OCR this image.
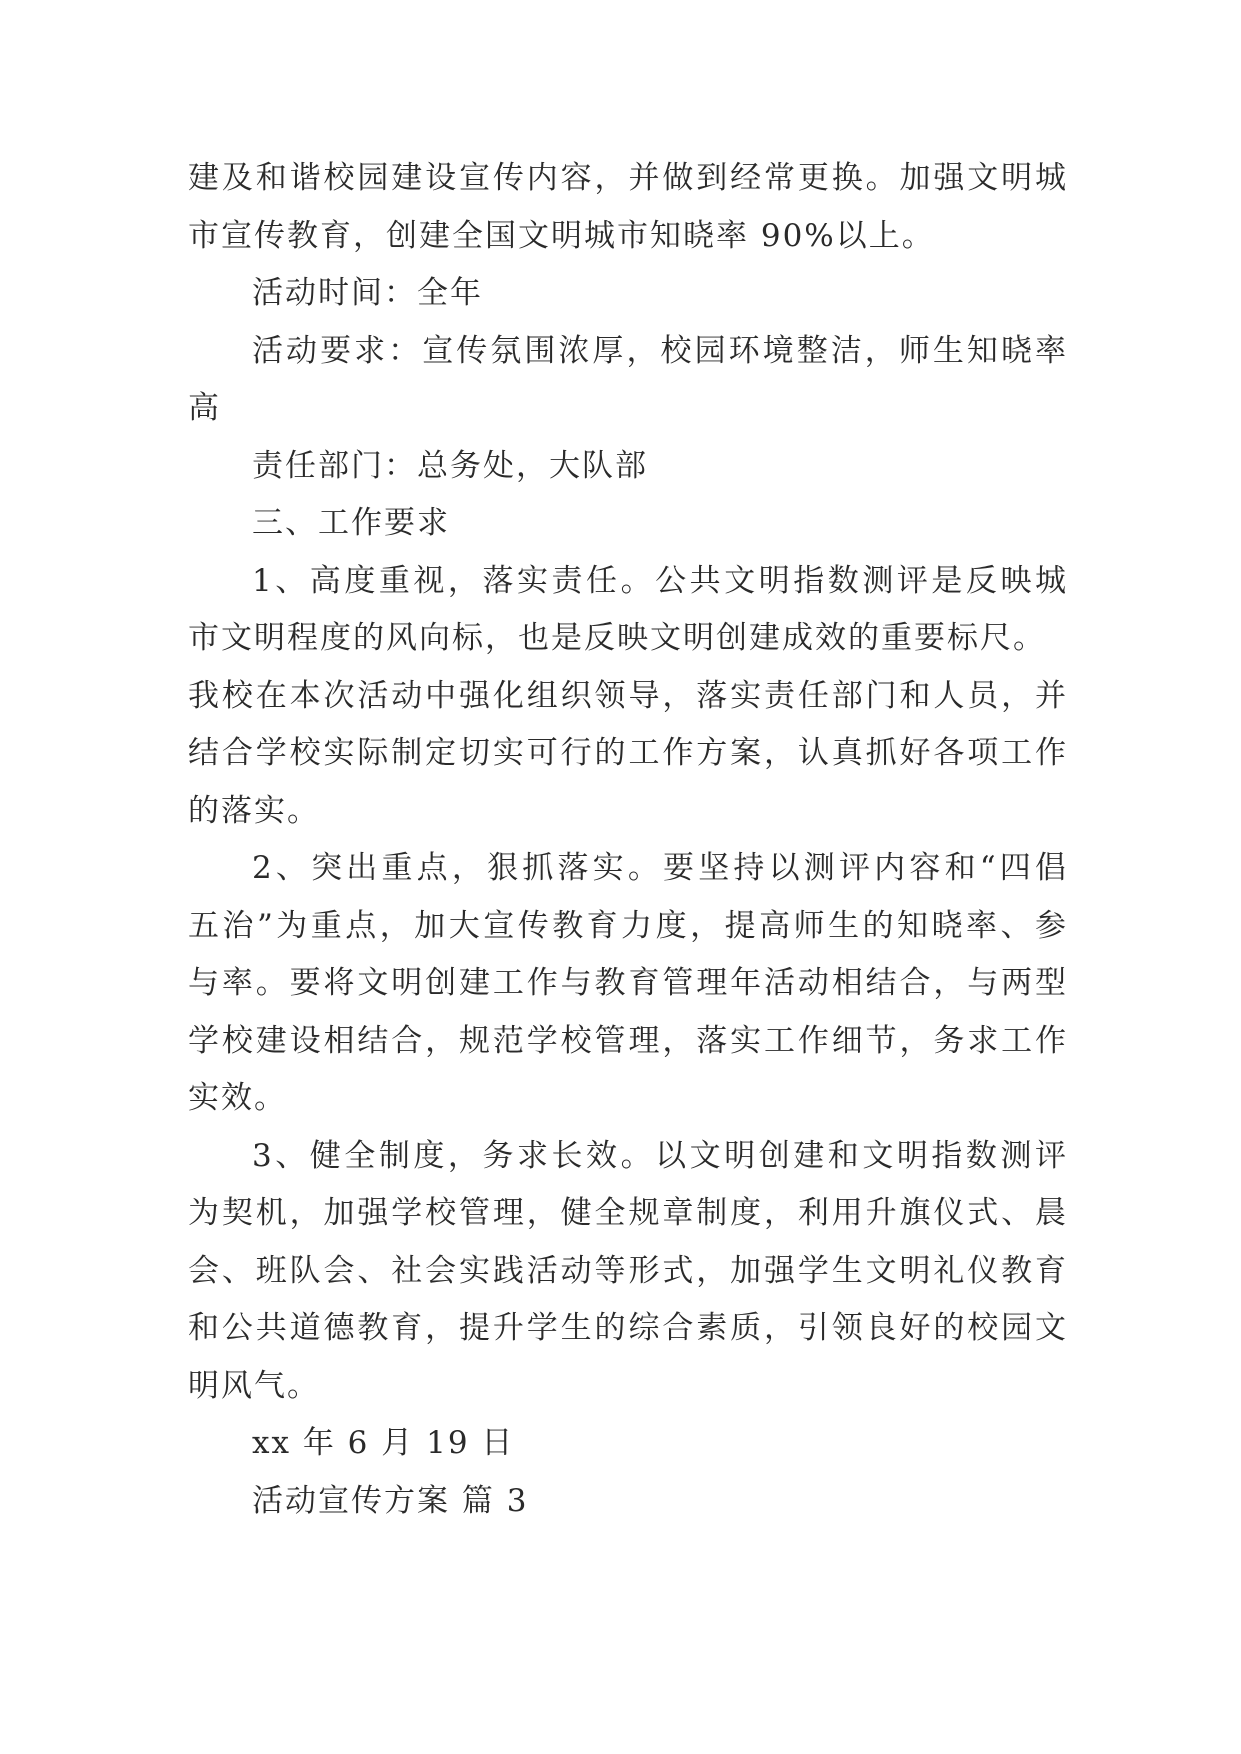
建及和谐校园建设宣传内容，并做到经常更换。加强文明城
市宣传教育，创建全国文明城市知晓率 90%以上。

活动时间：全年

活动要求：宣传氛围浓厚，校园环境整洁，师生知晓率
高

责任部门：总务处，大队部

三、工作要求

1、高度重视，落实责任。公共文明指数测评是反映城
市文明程度的风向标，也是反映文明创建成效的重要标尺。
我校在本次活动中强化组织领导，落实责任部门和人员，并
结合学校实际制定切实可行的工作方案，认真抓好各项工作
的落实。

2、突出重点，狠抓落实。要坚持以测评内容和“四倡
五治”为重点，加大宣传教育力度，提高师生的知晓率、参
与率。要将文明创建工作与教育管理年活动相结合，与两型
学校建设相结合，规范学校管理，落实工作细节，务求工作
实效。

3、健全制度，务求长效。以文明创建和文明指数测评
为契机，加强学校管理，健全规章制度，利用升旗仪式、晨
会、班队会、社会实践活动等形式，加强学生文明礼仪教育
和公共道德教育，提升学生的综合素质，引领良好的校园文
明风气。

xx 年 6 月 19 日

活动宣传方案 篇 3
